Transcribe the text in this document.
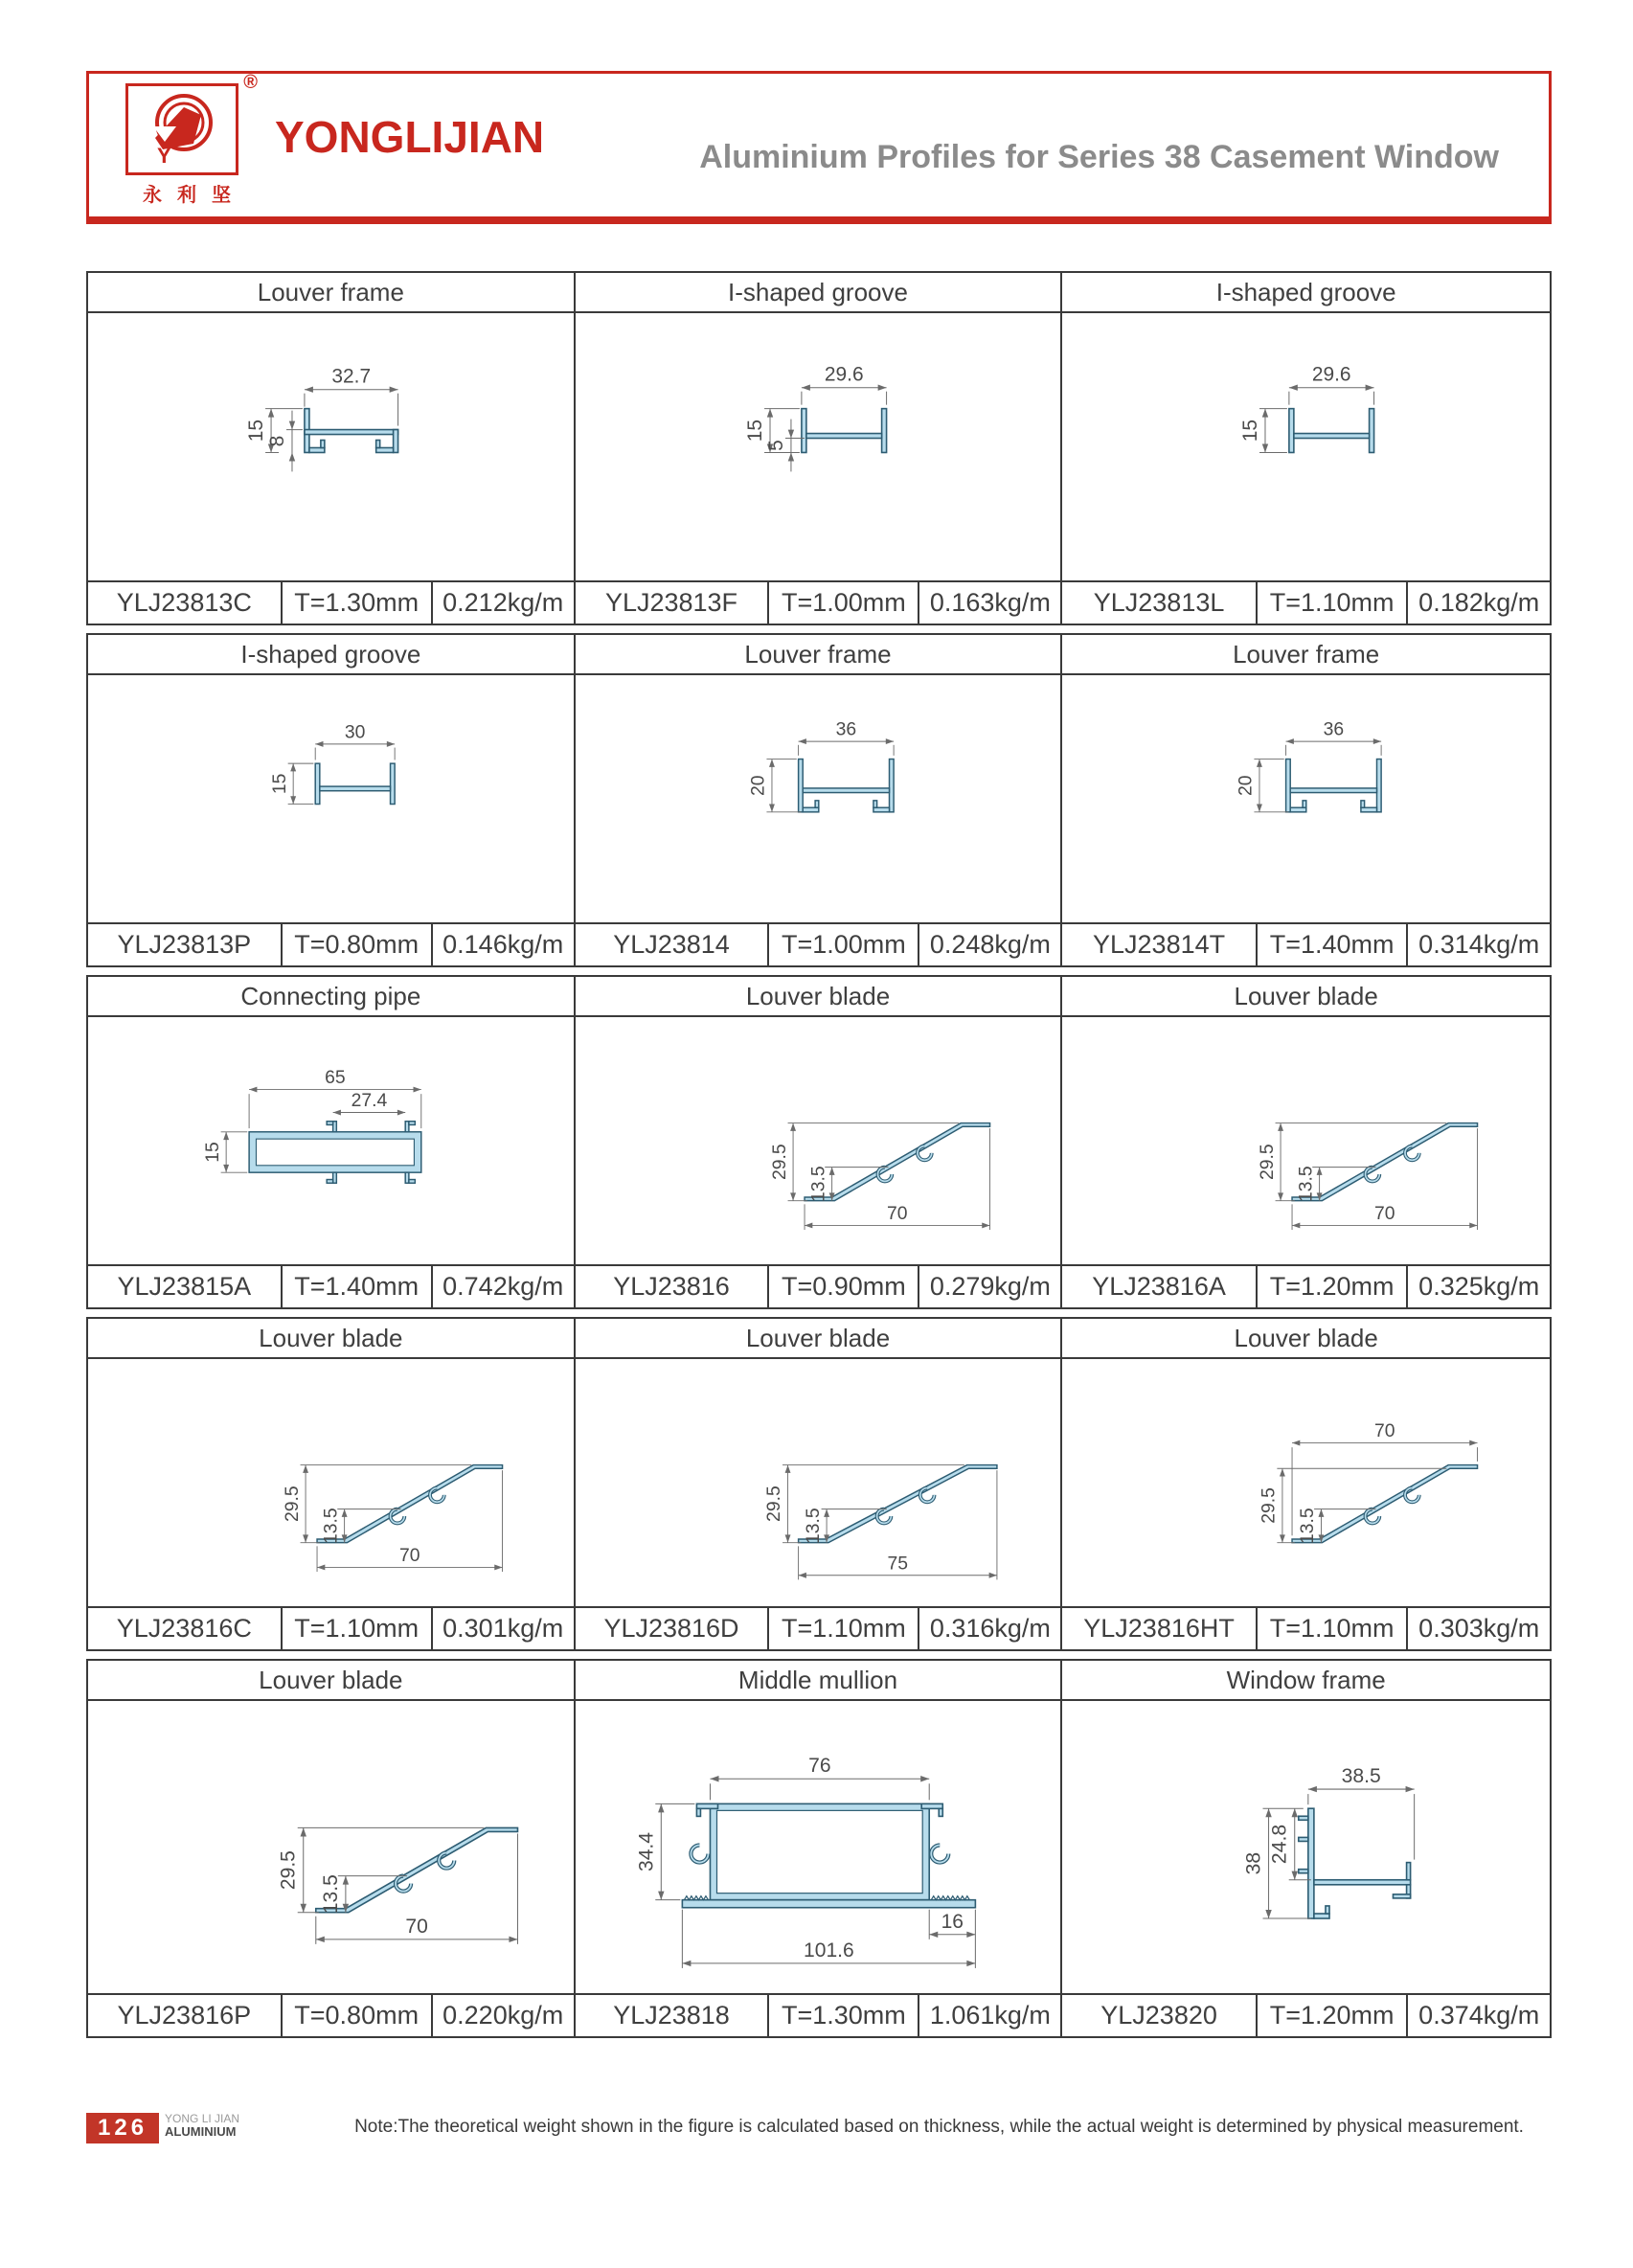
Y
®
永利坚
YONGLIJIAN	Aluminium Profiles for Series 38 Casement Window
Louver frame
32.7
15
8
YLJ23813C	T=1.30mm 0.212kg/m
I-shaped groove
29.6
15
5
YLJ23813F	T=1.00mm 0.163kg/m
I-shaped groove
29.6
15
YLJ23813L	T=1.10mm 0.182kg/m
I-shaped groove
30
15
YLJ23813P	T=0.80mm 0.146kg/m
Louver frame
36
20
YLJ23814	T=1.00mm 0.248kg/m
Louver frame
36
20
YLJ23814T	T=1.40mm 0.314kg/m
Connecting pipe
65
27.4
15
YLJ23815A	T=1.40mm 0.742kg/m
Louver blade
29.5
13.5
70
YLJ23816	T=0.90mm 0.279kg/m
Louver blade
29.5
13.5
70
YLJ23816A	T=1.20mm 0.325kg/m
Louver blade
29.5
13.5
70
YLJ23816C	T=1.10mm 0.301kg/m
Louver blade
29.5
13.5
75
YLJ23816D	T=1.10mm 0.316kg/m
Louver blade
70
29.5
13.5
YLJ23816HT	T=1.10mm 0.303kg/m
Louver blade
29.5
13.5
70
YLJ23816P	T=0.80mm 0.220kg/m
Middle mullion
76
34.4
101.6
16
YLJ23818	T=1.30mm 1.061kg/m
Window frame
38.5
38 24.8
YLJ23820	T=1.20mm 0.374kg/m
126	YONG LI JIAN
ALUMINIUM	Note:The theoretical weight shown in the figure is calculated based on thickness, while the actual weight is determined by physical measurement.
